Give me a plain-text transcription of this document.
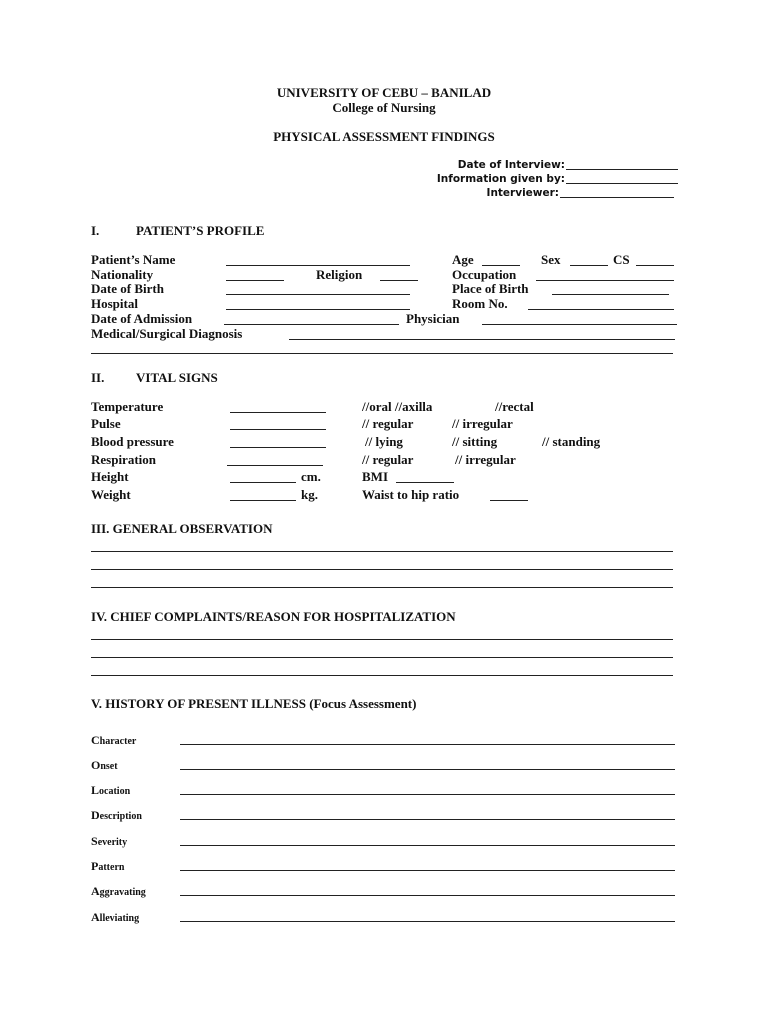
UNIVERSITY OF CEBU – BANILAD
College of Nursing
PHYSICAL ASSESSMENT FINDINGS
Date of Interview:
Information given by:
Interviewer:
I.	PATIENT’S PROFILE
Patient’s Name	Age	Sex	CS
Nationality	Religion	Occupation
Date of Birth	Place of Birth
Hospital	Room No.
Date of Admission	Physician
Medical/Surgical Diagnosis
II. VITAL SIGNS
Temperature	//oral //axilla	//rectal
Pulse	// regular	// irregular
Blood pressure	// lying	// sitting	// standing
Respiration	// regular	// irregular
Height	cm.	BMI
Weight	kg.	Waist to hip ratio
III. GENERAL OBSERVATION
IV. CHIEF COMPLAINTS/REASON FOR HOSPITALIZATION
V. HISTORY OF PRESENT ILLNESS (Focus Assessment)
Character
Onset
Location
Description
Severity
Pattern
Aggravating
Alleviating
